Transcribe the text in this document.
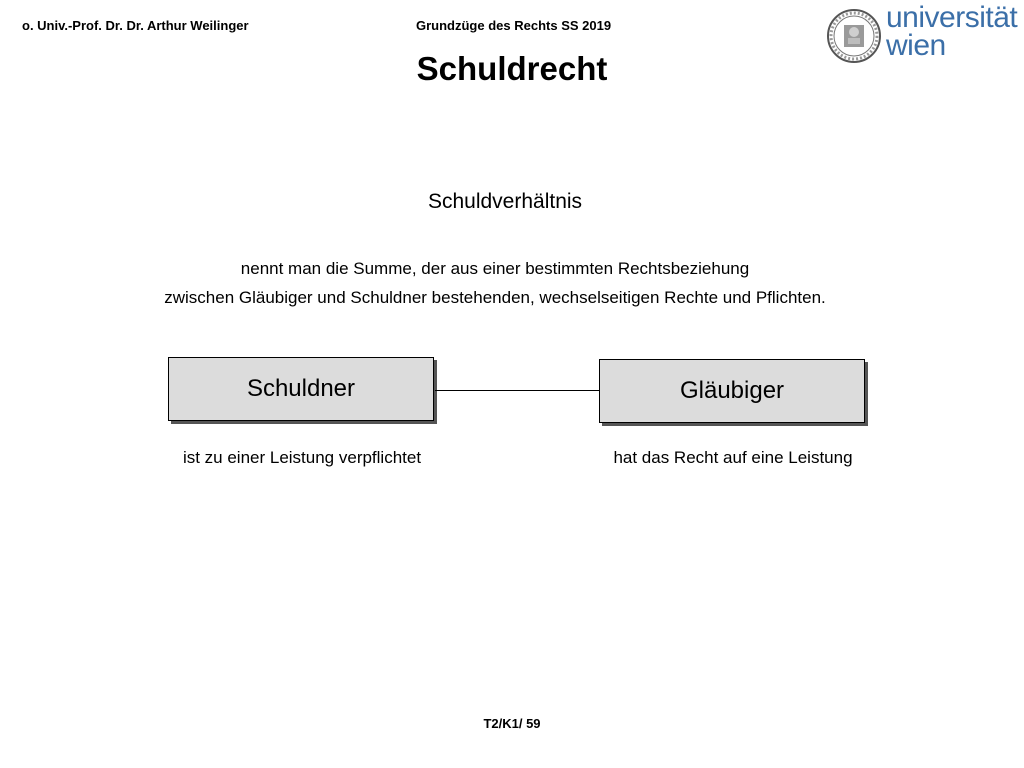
o. Univ.-Prof. Dr. Dr. Arthur Weilinger	Grundzüge des Rechts SS 2019	universität
wien
Schuldrecht
Schuldverhältnis
nennt man die Summe, der aus einer bestimmten Rechtsbeziehung
zwischen Gläubiger und Schuldner bestehenden, wechselseitigen Rechte und Pflichten.
Schuldner	Gläubiger
ist zu einer Leistung verpflichtet	hat das Recht auf eine Leistung
T2/K1/ 59
